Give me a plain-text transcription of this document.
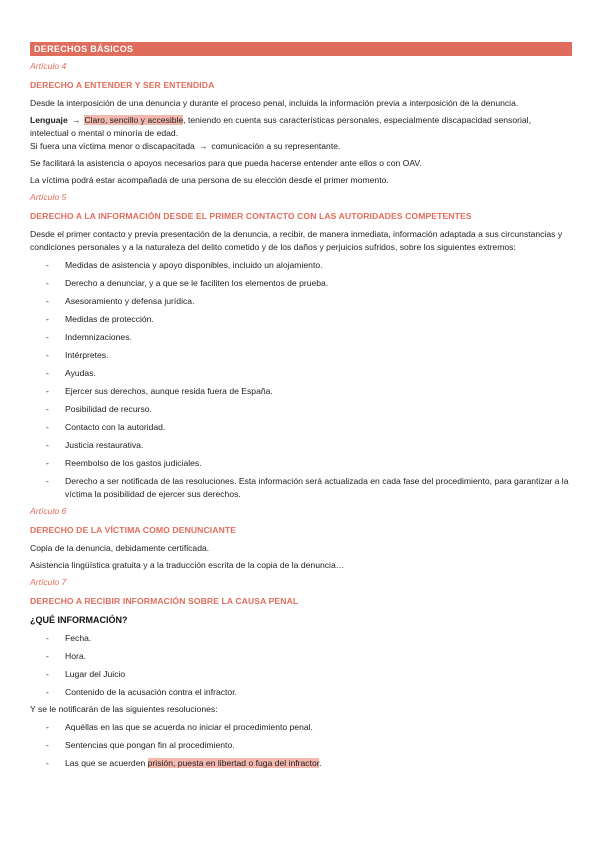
DERECHOS BÁSICOS
Artículo 4
DERECHO A ENTENDER Y SER ENTENDIDA
Desde la interposición de una denuncia y durante el proceso penal, incluida la información previa a interposición de la denuncia.
Lenguaje → Claro, sencillo y accesible, teniendo en cuenta sus características personales, especialmente discapacidad sensorial, intelectual o mental o minoría de edad.
Si fuera una víctima menor o discapacitada → comunicación a su representante.
Se facilitará la asistencia o apoyos necesarios para que pueda hacerse entender ante ellos o con OAV.
La víctima podrá estar acompañada de una persona de su elección desde el primer momento.
Artículo 5
DERECHO A LA INFORMACIÓN DESDE EL PRIMER CONTACTO CON LAS AUTORIDADES COMPETENTES
Desde el primer contacto y previa presentación de la denuncia, a recibir, de manera inmediata, información adaptada a sus circunstancias y condiciones personales y a la naturaleza del delito cometido y de los daños y perjuicios sufridos, sobre los siguientes extremos:
- Medidas de asistencia y apoyo disponibles, incluido un alojamiento.
- Derecho a denunciar, y a que se le faciliten los elementos de prueba.
- Asesoramiento y defensa jurídica.
- Medidas de protección.
- Indemnizaciones.
- Intérpretes.
- Ayudas.
- Ejercer sus derechos, aunque resida fuera de España.
- Posibilidad de recurso.
- Contacto con la autoridad.
- Justicia restaurativa.
- Reembolso de los gastos judiciales.
- Derecho a ser notificada de las resoluciones. Esta información será actualizada en cada fase del procedimiento, para garantizar a la víctima la posibilidad de ejercer sus derechos.
Artículo 6
DERECHO DE LA VÍCTIMA COMO DENUNCIANTE
Copia de la denuncia, debidamente certificada.
Asistencia lingüística gratuita y a la traducción escrita de la copia de la denuncia…
Artículo 7
DERECHO A RECIBIR INFORMACIÓN SOBRE LA CAUSA PENAL
¿QUÉ INFORMACIÓN?
- Fecha.
- Hora.
- Lugar del Juicio
- Contenido de la acusación contra el infractor.
Y se le notificarán de las siguientes resoluciones:
- Aquéllas en las que se acuerda no iniciar el procedimiento penal.
- Sentencias que pongan fin al procedimiento.
- Las que se acuerden prisión, puesta en libertad o fuga del infractor.
